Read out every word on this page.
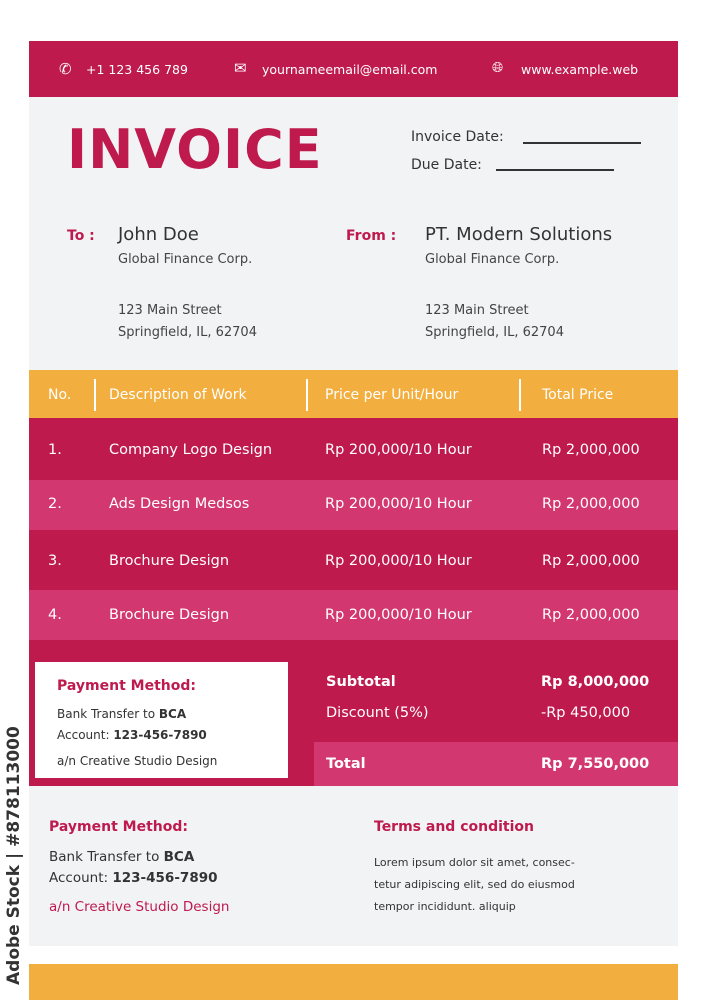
✆ +1 123 456 789	✉ yournameemail@email.com	🌐︎ www.example.web
INVOICE	Invoice Date:
Due Date:
To : John Doe
Global Finance Corp.
123 Main Street
Springfield, IL, 62704
From : PT. Modern Solutions
Global Finance Corp.
123 Main Street
Springfield, IL, 62704
No.	Description of Work	Price per Unit/Hour	Total Price
1.	Company Logo Design	Rp 200,000/10 Hour	Rp 2,000,000
2.	Ads Design Medsos	Rp 200,000/10 Hour	Rp 2,000,000
3.	Brochure Design	Rp 200,000/10 Hour	Rp 2,000,000
4.	Brochure Design	Rp 200,000/10 Hour	Rp 2,000,000
Payment Method:
Bank Transfer to BCA
Account: 123-456-7890
a/n Creative Studio Design
Subtotal	Rp 8,000,000
Discount (5%)	-Rp 450,000
Total	Rp 7,550,000
Payment Method:
Bank Transfer to BCA
Account: 123-456-7890
a/n Creative Studio Design
Terms and condition
Lorem ipsum dolor sit amet, consec-
tetur adipiscing elit, sed do eiusmod
tempor incididunt. aliquip
Adobe Stock | #878113000
